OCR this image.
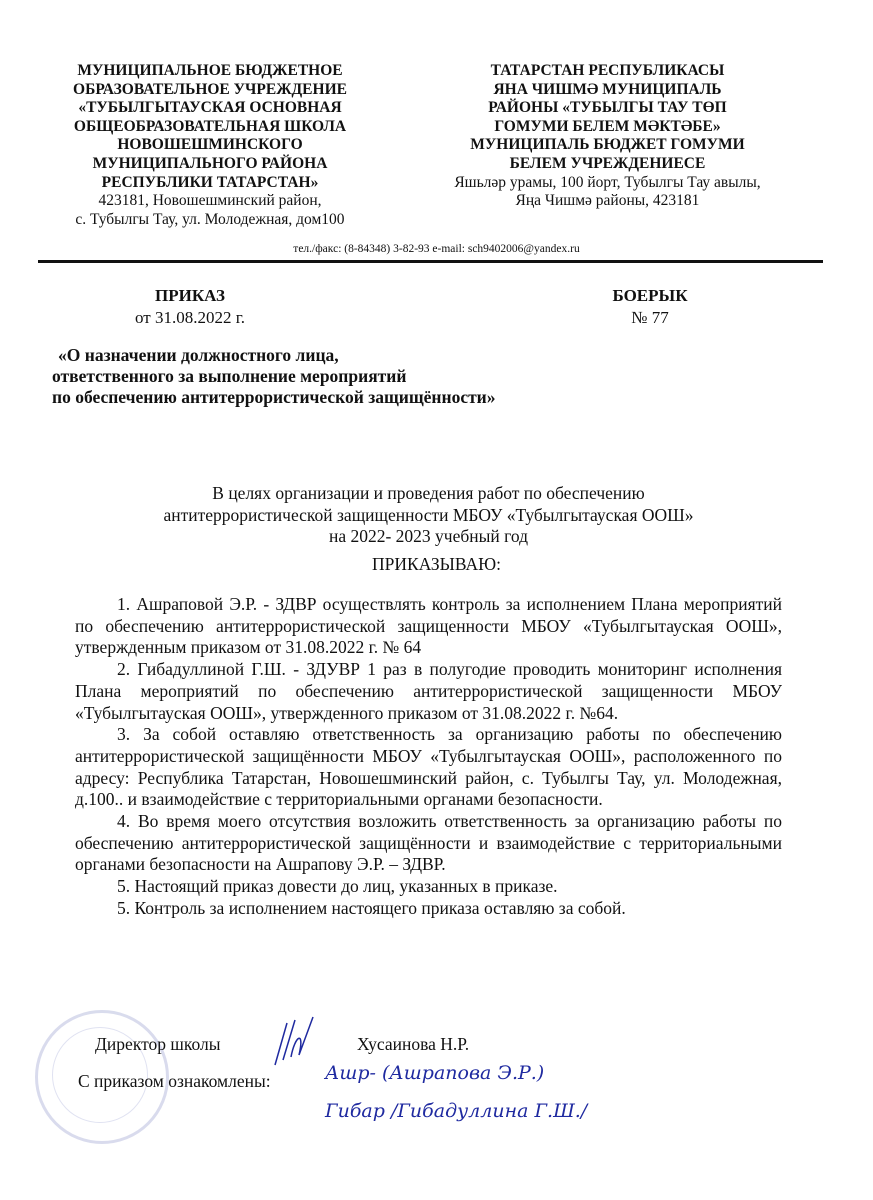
МУНИЦИПАЛЬНОЕ БЮДЖЕТНОЕ
ОБРАЗОВАТЕЛЬНОЕ УЧРЕЖДЕНИЕ
«ТУБЫЛГЫТАУСКАЯ ОСНОВНАЯ
ОБЩЕОБРАЗОВАТЕЛЬНАЯ ШКОЛА
НОВОШЕШМИНСКОГО
МУНИЦИПАЛЬНОГО РАЙОНА
РЕСПУБЛИКИ ТАТАРСТАН»
423181, Новошешминский район,
с. Тубылгы Тау, ул. Молодежная, дом100
ТАТАРСТАН РЕСПУБЛИКАСЫ
ЯНА ЧИШМӘ МУНИЦИПАЛЬ
РАЙОНЫ «ТУБЫЛГЫ ТАУ ТӨП
ГОМУМИ БЕЛЕМ МӘКТӘБЕ»
МУНИЦИПАЛЬ БЮДЖЕТ ГОМУМИ
БЕЛЕМ УЧРЕЖДЕНИЕСЕ
Яшьләр урамы, 100 йорт, Тубылгы Тау авылы,
Яңа Чишмә районы, 423181
тел./факс: (8-84348) 3-82-93 e-mail: sch9402006@yandex.ru
ПРИКАЗ
от 31.08.2022 г.
БОЕРЫК
№ 77
«О назначении должностного лица,
ответственного за выполнение мероприятий
по обеспечению антитеррористической защищённости»
В целях организации и проведения работ по обеспечению
антитеррористической защищенности МБОУ «Тубылгытауская ООШ»
на 2022- 2023 учебный год
ПРИКАЗЫВАЮ:

1. Ашраповой Э.Р. - ЗДВР осуществлять контроль за исполнением Плана мероприятий по обеспечению антитеррористической защищенности МБОУ «Тубылгытауская ООШ», утвержденным приказом от 31.08.2022 г. № 64

2. Гибадуллиной Г.Ш. - ЗДУВР 1 раз в полугодие проводить мониторинг исполнения Плана мероприятий по обеспечению антитеррористической защищенности МБОУ «Тубылгытауская ООШ», утвержденного приказом от 31.08.2022 г. №64.

3. За собой оставляю ответственность за организацию работы по обеспечению антитеррористической защищённости МБОУ «Тубылгытауская ООШ», расположенного по адресу: Республика Татарстан, Новошешминский район, с. Тубылгы Тау, ул. Молодежная, д.100.. и взаимодействие с территориальными органами безопасности.

4. Во время моего отсутствия возложить ответственность за организацию работы по обеспечению антитеррористической защищённости и взаимодействие с территориальными органами безопасности на Ашрапову Э.Р. – ЗДВР.

5. Настоящий приказ довести до лиц, указанных в приказе.

5. Контроль за исполнением настоящего приказа оставляю за собой.

Директор школы	Хусаинова Н.Р.
С приказом ознакомлены:	Ашр- (Ашрапова Э.Р.)
Гибар /Гибадуллина Г.Ш./
